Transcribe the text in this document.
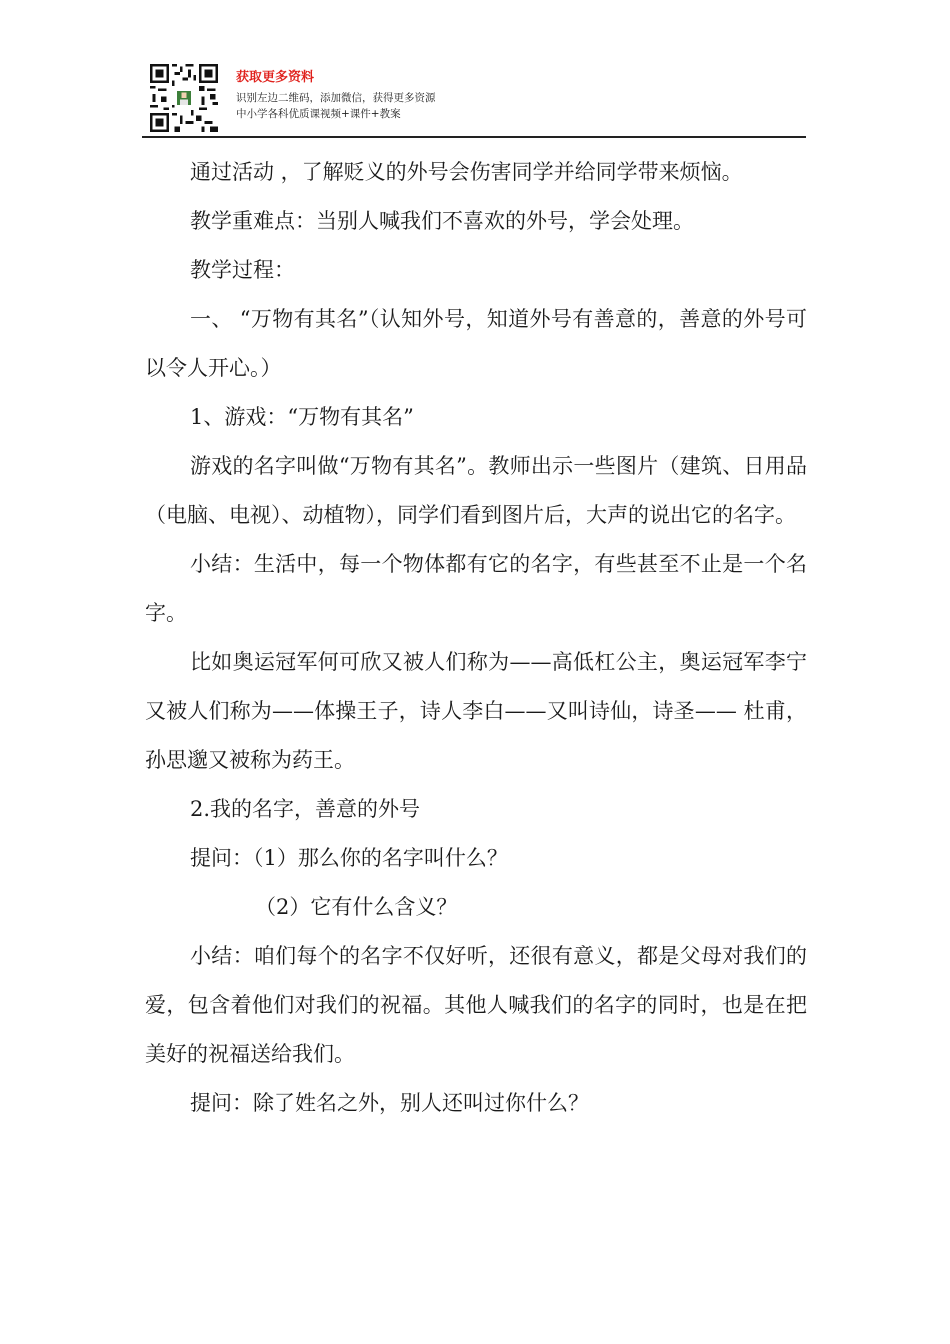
获取更多资料
识别左边二维码，添加微信，获得更多资源
中小学各科优质课视频+课件+教案

通过活动 ，了解贬义的外号会伤害同学并给同学带来烦恼。

教学重难点：当别人喊我们不喜欢的外号，学会处理。

教学过程：

一、 “万物有其名”（认知外号，知道外号有善意的，善意的外号可以令人开心。）

1、游戏：“万物有其名”

游戏的名字叫做“万物有其名”。教师出示一些图片（建筑、日用品（电脑、电视）、动植物），同学们看到图片后，大声的说出它的名字。

小结：生活中，每一个物体都有它的名字，有些甚至不止是一个名字。

比如奥运冠军何可欣又被人们称为——高低杠公主，奥运冠军李宁又被人们称为——体操王子，诗人李白——又叫诗仙，诗圣—— 杜甫，孙思邈又被称为药王。

2.我的名字，善意的外号

提问：（1）那么你的名字叫什么？

（2）它有什么含义？

小结：咱们每个的名字不仅好听，还很有意义，都是父母对我们的爱，包含着他们对我们的祝福。其他人喊我们的名字的同时，也是在把美好的祝福送给我们。

提问：除了姓名之外，别人还叫过你什么？
